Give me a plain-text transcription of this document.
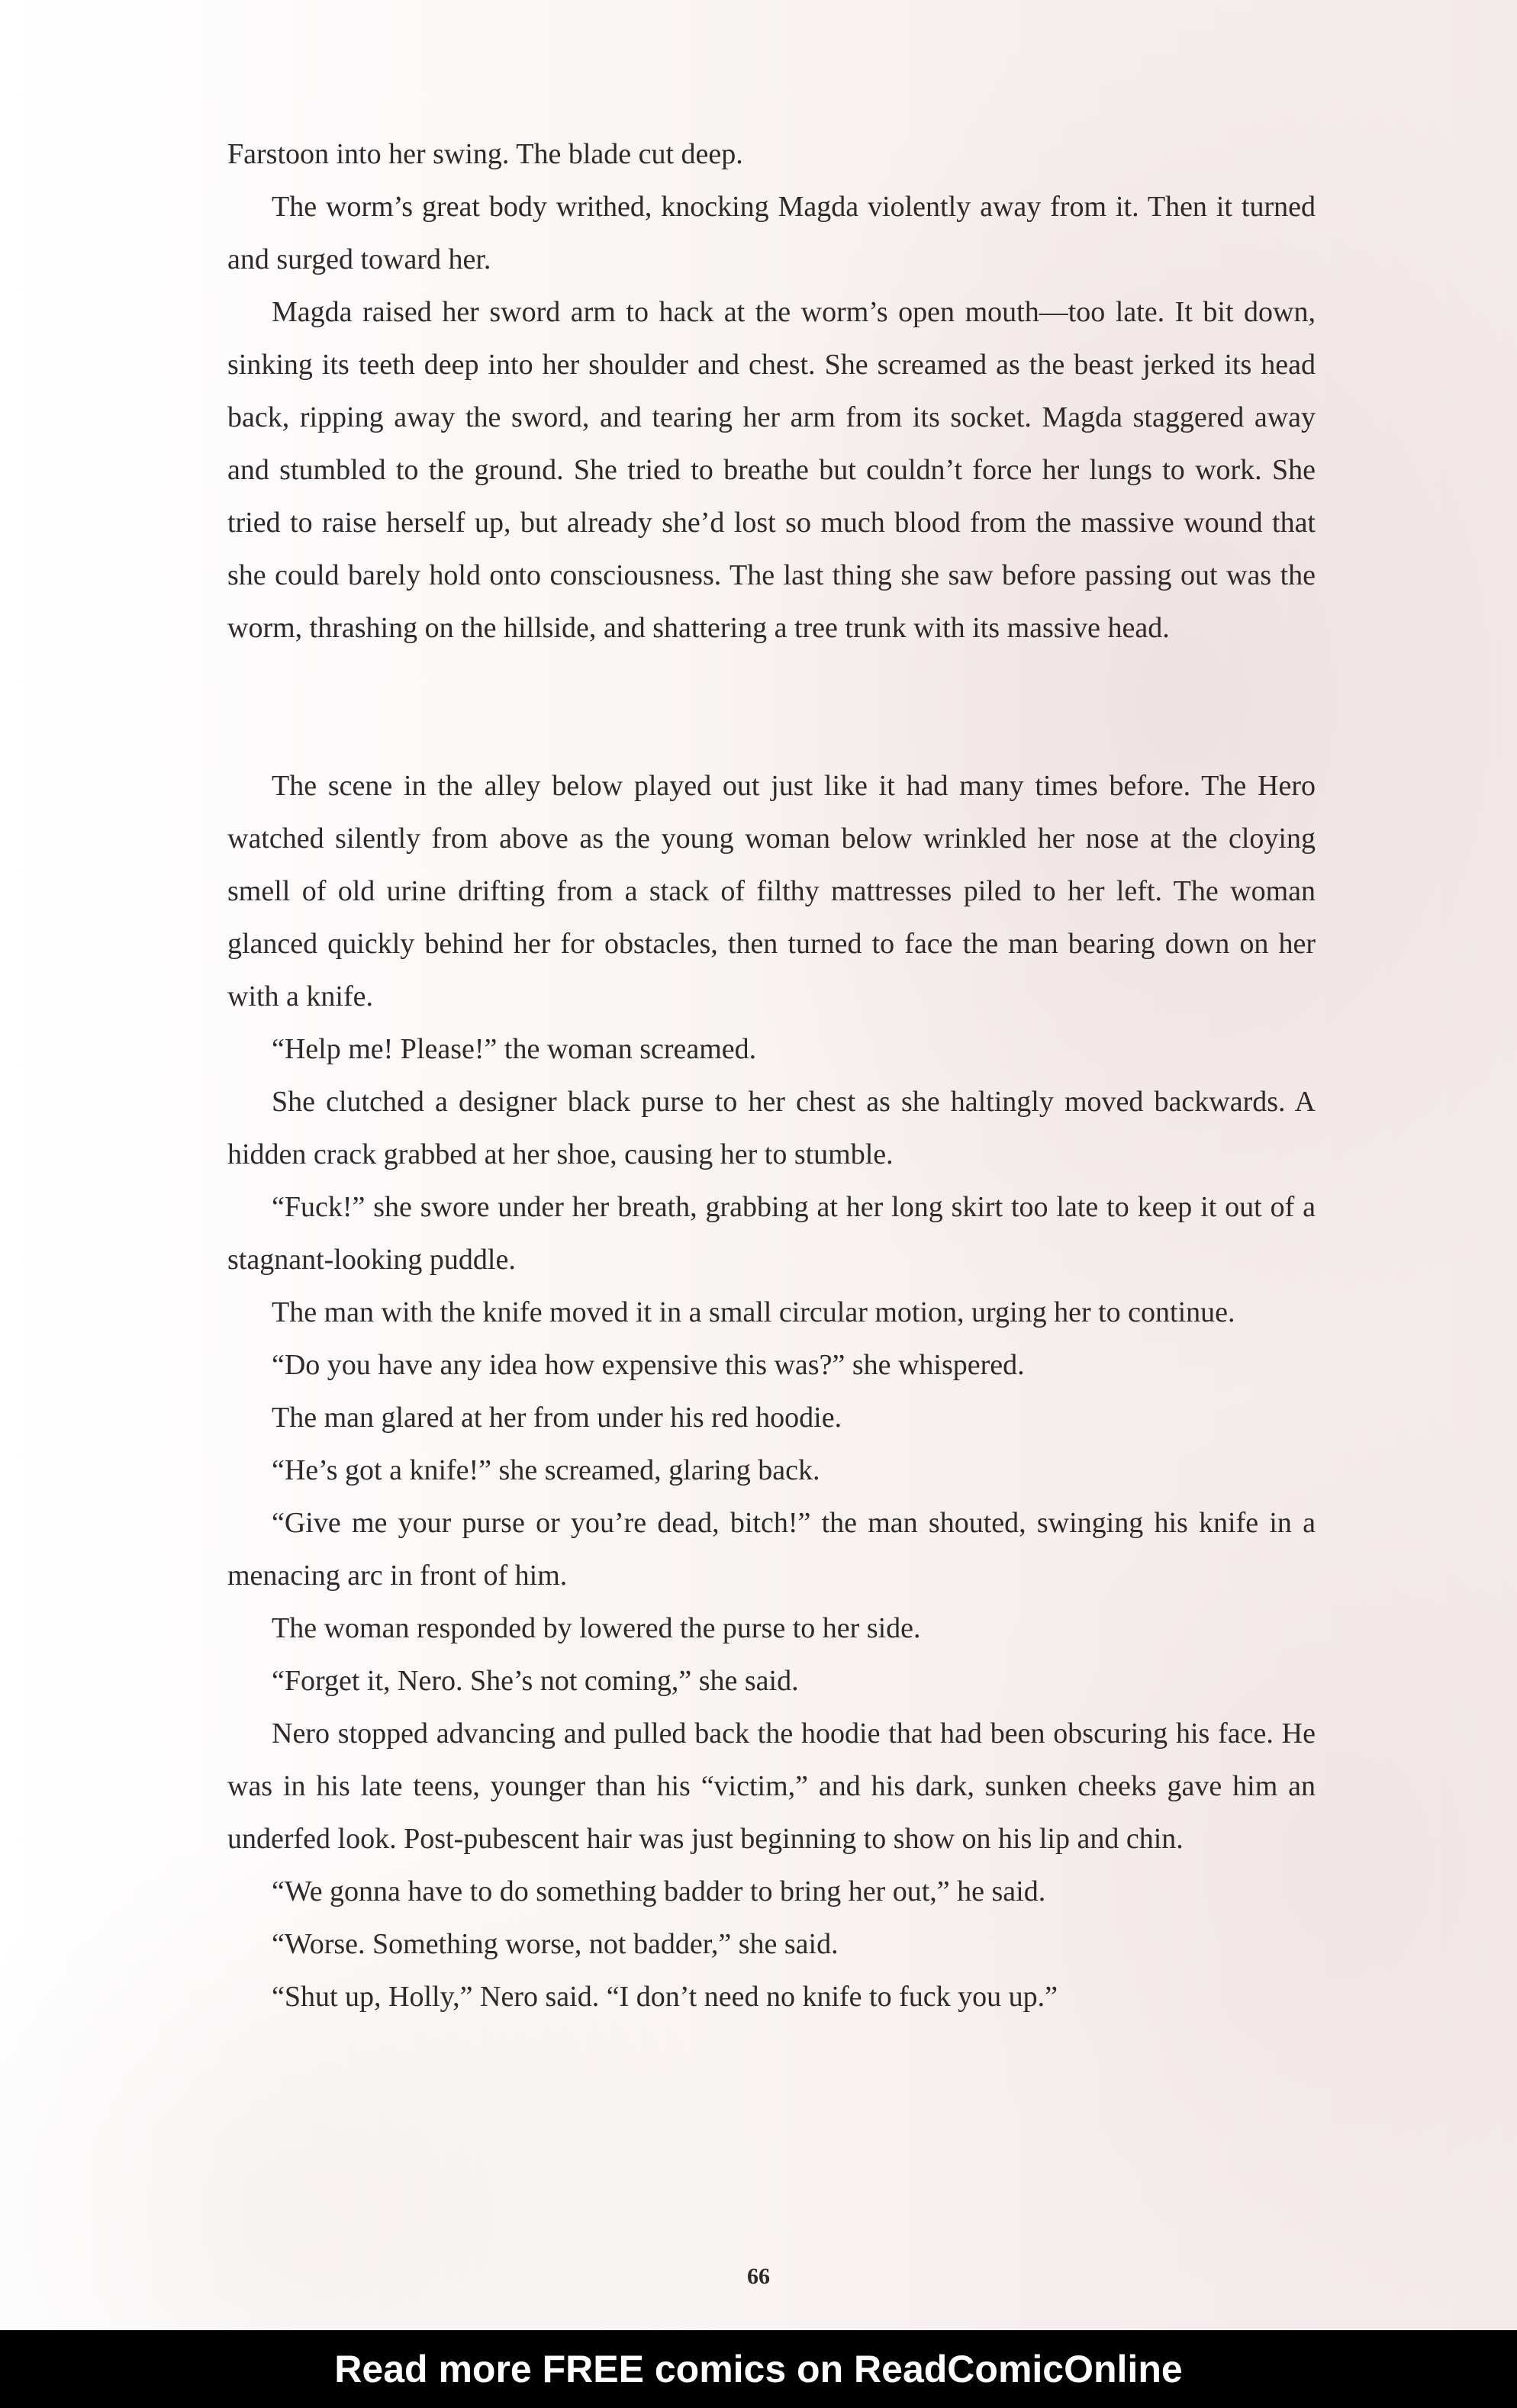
Farstoon into her swing. The blade cut deep.

The worm’s great body writhed, knocking Magda violently away from it. Then it turned and surged toward her.

Magda raised her sword arm to hack at the worm’s open mouth—too late. It bit down, sinking its teeth deep into her shoulder and chest. She screamed as the beast jerked its head back, ripping away the sword, and tearing her arm from its socket. Magda staggered away and stumbled to the ground. She tried to breathe but couldn’t force her lungs to work. She tried to raise herself up, but already she’d lost so much blood from the massive wound that she could barely hold onto consciousness. The last thing she saw before passing out was the worm, thrashing on the hillside, and shattering a tree trunk with its massive head.

The scene in the alley below played out just like it had many times before. The Hero watched silently from above as the young woman below wrinkled her nose at the cloying smell of old urine drifting from a stack of filthy mattresses piled to her left. The woman glanced quickly behind her for obstacles, then turned to face the man bearing down on her with a knife.

“Help me! Please!” the woman screamed.

She clutched a designer black purse to her chest as she haltingly moved backwards. A hidden crack grabbed at her shoe, causing her to stumble.

“Fuck!” she swore under her breath, grabbing at her long skirt too late to keep it out of a stagnant-looking puddle.

The man with the knife moved it in a small circular motion, urging her to continue.

“Do you have any idea how expensive this was?” she whispered.

The man glared at her from under his red hoodie.

“He’s got a knife!” she screamed, glaring back.

“Give me your purse or you’re dead, bitch!” the man shouted, swinging his knife in a menacing arc in front of him.

The woman responded by lowered the purse to her side.

“Forget it, Nero. She’s not coming,” she said.

Nero stopped advancing and pulled back the hoodie that had been obscuring his face. He was in his late teens, younger than his “victim,” and his dark, sunken cheeks gave him an underfed look. Post-pubescent hair was just beginning to show on his lip and chin.

“We gonna have to do something badder to bring her out,” he said.

“Worse. Something worse, not badder,” she said.

“Shut up, Holly,” Nero said. “I don’t need no knife to fuck you up.”

66
Read more FREE comics on ReadComicOnline
